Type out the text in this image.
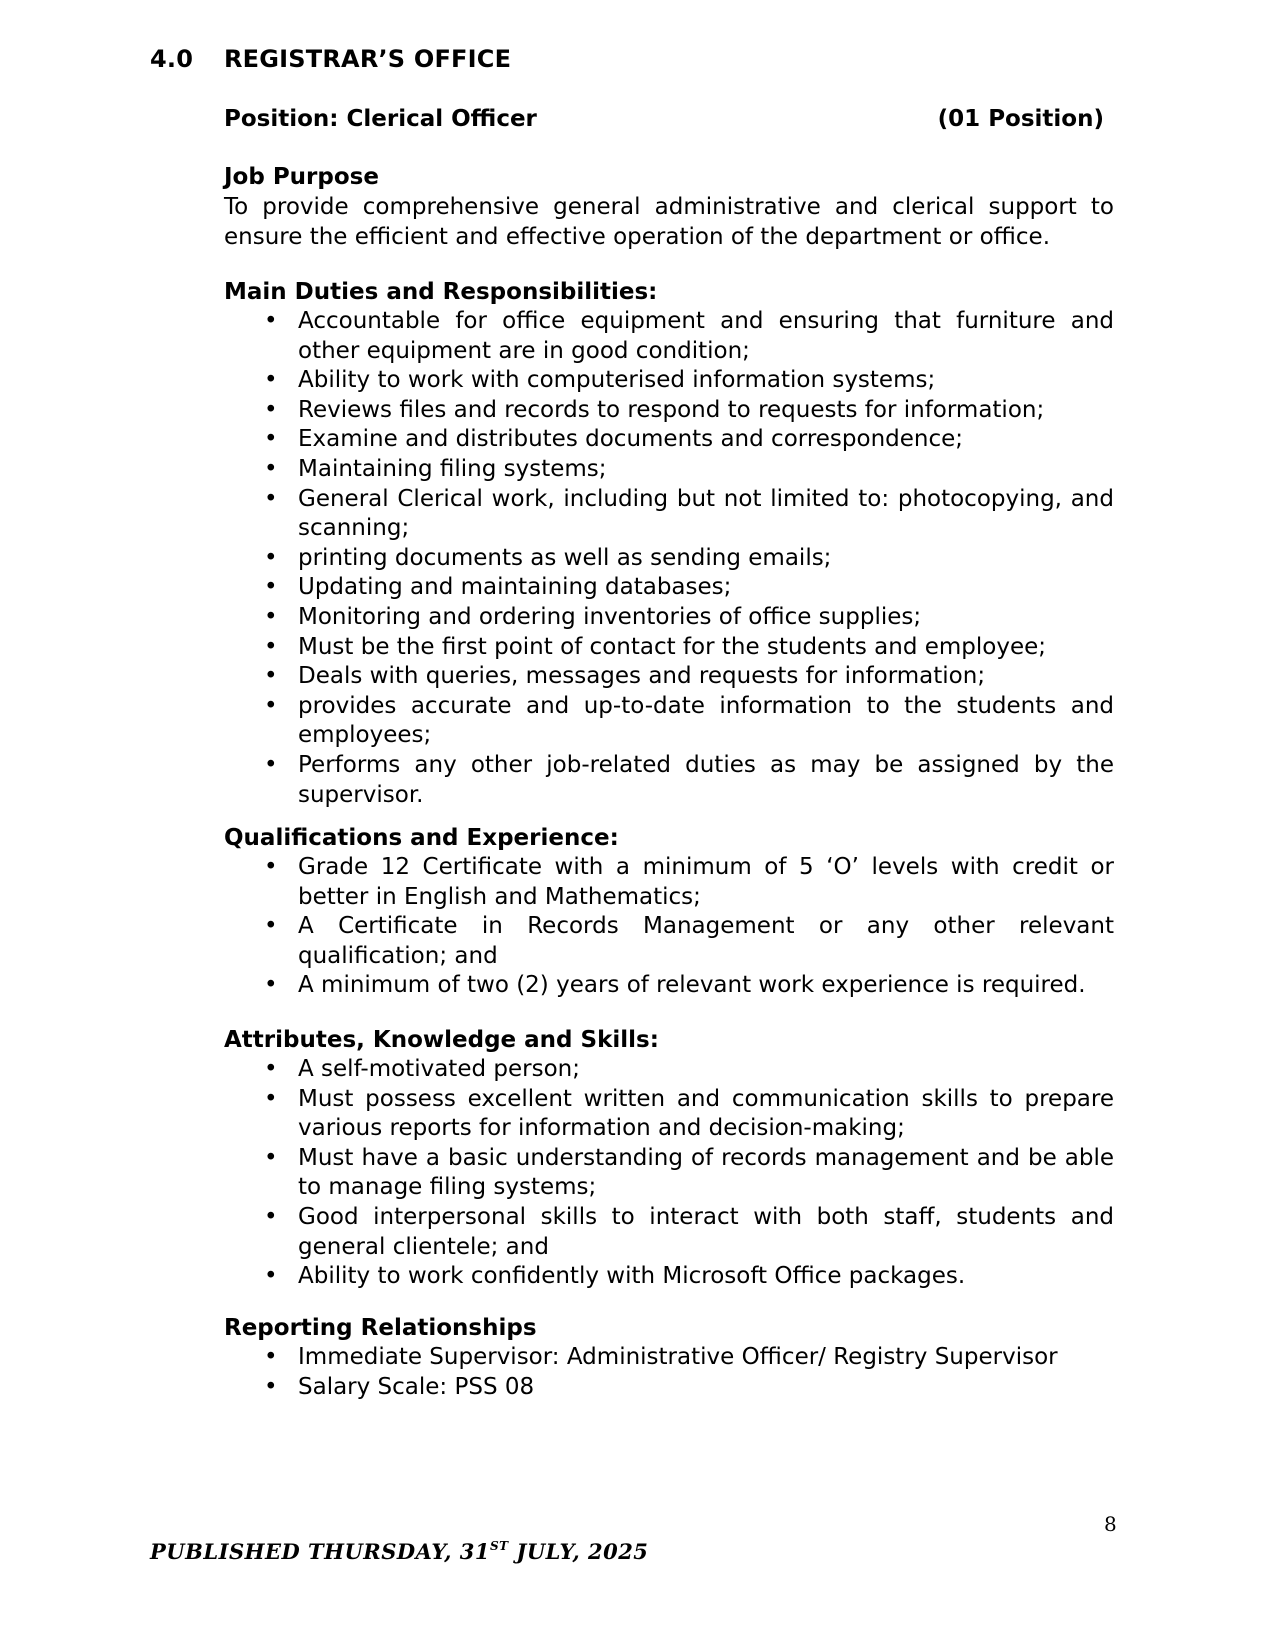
4.0 REGISTRAR’S OFFICE
Position: Clerical Officer	(01 Position)
Job Purpose
To provide comprehensive general administrative and clerical support to ensure the efficient and effective operation of the department or office.
Main Duties and Responsibilities:
• Accountable for office equipment and ensuring that furniture and other equipment are in good condition;
• Ability to work with computerised information systems;
• Reviews files and records to respond to requests for information;
• Examine and distributes documents and correspondence;
• Maintaining filing systems;
• General Clerical work, including but not limited to: photocopying, and scanning;
• printing documents as well as sending emails;
• Updating and maintaining databases;
• Monitoring and ordering inventories of office supplies;
• Must be the first point of contact for the students and employee;
• Deals with queries, messages and requests for information;
• provides accurate and up-to-date information to the students and employees;
• Performs any other job-related duties as may be assigned by the supervisor.
Qualifications and Experience:
• Grade 12 Certificate with a minimum of 5 ‘O’ levels with credit or better in English and Mathematics;
• A Certificate in Records Management or any other relevant qualification; and
• A minimum of two (2) years of relevant work experience is required.
Attributes, Knowledge and Skills:
• A self-motivated person;
• Must possess excellent written and communication skills to prepare various reports for information and decision-making;
• Must have a basic understanding of records management and be able to manage filing systems;
• Good interpersonal skills to interact with both staff, students and general clientele; and
• Ability to work confidently with Microsoft Office packages.
Reporting Relationships
• Immediate Supervisor: Administrative Officer/ Registry Supervisor
• Salary Scale: PSS 08
8
PUBLISHED THURSDAY, 31ST JULY, 2025
